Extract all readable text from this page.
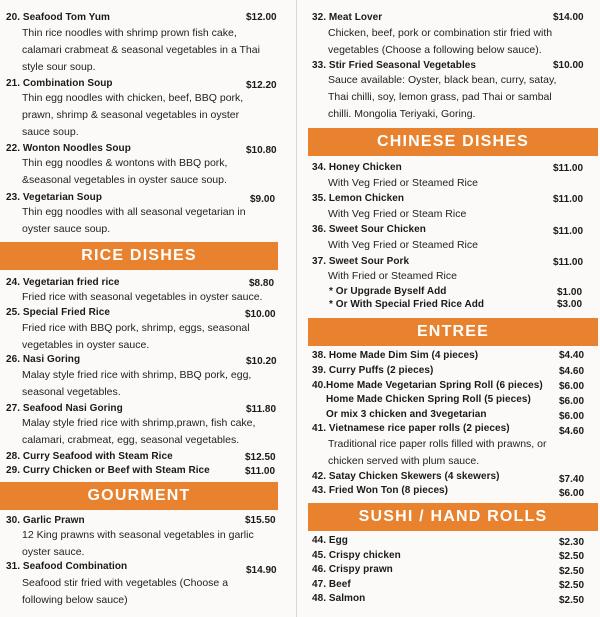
20. Seafood Tom Yum	$12.00
Thin rice noodles with shrimp prown fish cake,
calamari crabmeat & seasonal vegetables in a Thai
style sour soup.
21. Combination Soup	$12.20
Thin egg noodles with chicken, beef, BBQ pork,
prawn, shrimp & seasonal vegetables in oyster
sauce soup.
22. Wonton Noodles Soup	$10.80
Thin egg noodles & wontons with BBQ pork,
&seasonal vegetables in oyster sauce soup.
23. Vegetarian Soup	$9.00
Thin egg noodles with all seasonal vegetarian in
oyster sauce soup.
RICE DISHES
24. Vegetarian fried rice	$8.80
Fried rice with seasonal vegetables in oyster sauce.
25. Special Fried Rice	$10.00
Fried rice with BBQ pork, shrimp, eggs, seasonal
vegetables in oyster sauce.
26. Nasi Goring	$10.20
Malay style fried rice with shrimp, BBQ pork, egg,
seasonal vegetables.
27. Seafood Nasi Goring	$11.80
Malay style fried rice with shrimp,prawn, fish cake,
calamari, crabmeat, egg, seasonal vegetables.
28. Curry Seafood with Steam Rice	$12.50
29. Curry Chicken or Beef with Steam Rice	$11.00
GOURMENT
30. Garlic Prawn	$15.50
12 King prawns with seasonal vegetables in garlic
oyster sauce.
31. Seafood Combination	$14.90
Seafood stir fried with vegetables (Choose a
following below sauce)
32. Meat Lover	$14.00
Chicken, beef, pork or combination stir fried with
vegetables (Choose a following below sauce).
33. Stir Fried Seasonal Vegetables	$10.00
Sauce available: Oyster, black bean, curry, satay,
Thai chilli, soy, lemon grass, pad Thai or sambal
chilli. Mongolia Teriyaki, Goring.
CHINESE DISHES
34. Honey Chicken	$11.00
With Veg Fried or Steamed Rice
35. Lemon Chicken	$11.00
With Veg Fried or Steam Rice
36. Sweet Sour Chicken	$11.00
With Veg Fried or Steamed Rice
37. Sweet Sour Pork	$11.00
With Fried or Steamed Rice
* Or Upgrade Byself Add	$1.00
* Or With Special Fried Rice Add	$3.00
ENTREE
38. Home Made Dim Sim (4 pieces)	$4.40
39. Curry Puffs (2 pieces)	$4.60
40.Home Made Vegetarian Spring Roll (6 pieces) $6.00
Home Made Chicken Spring Roll (5 pieces)	$6.00
Or mix 3 chicken and 3vegetarian	$6.00
41. Vietnamese rice paper rolls (2 pieces)	$4.60
Traditional rice paper rolls filled with prawns, or
chicken served with plum sauce.
42. Satay Chicken Skewers (4 skewers)	$7.40
43. Fried Won Ton (8 pieces)	$6.00
SUSHI / HAND ROLLS
44. Egg	$2.30
45. Crispy chicken	$2.50
46. Crispy prawn	$2.50
47. Beef	$2.50
48. Salmon	$2.50
